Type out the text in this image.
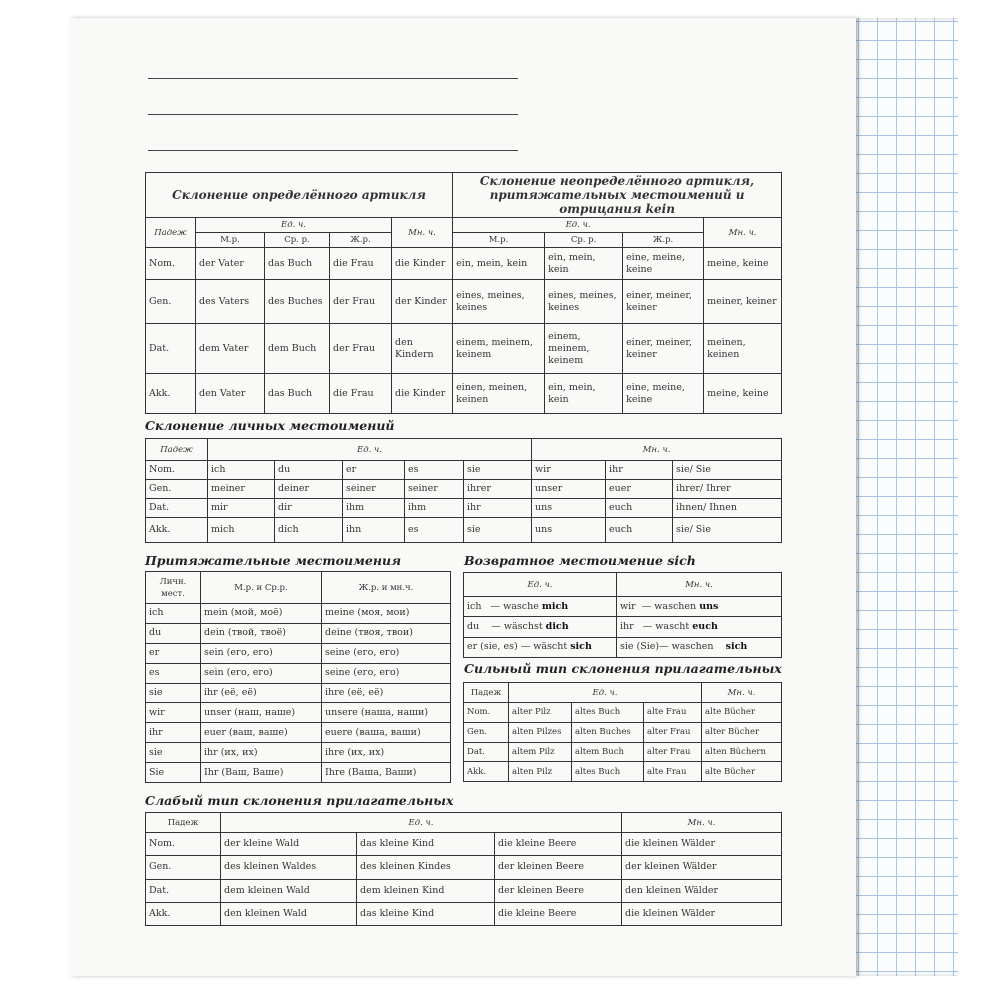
Склонение определённого артикля					Склонение неопределённого артикля, притяжательных местоимений и отрицания kein			
Падеж	Ед. ч.			Мн. ч.	Ед. ч.			Мн. ч.
	М.р.	Ср. р.	Ж.р.		М.р.	Ср. р.	Ж.р.	
Nom.	der Vater	das Buch	die Frau	die Kinder	ein, mein, kein	ein, mein, kein	eine, meine, keine	meine, keine
Gen.	des Vaters	des Buches	der Frau	der Kinder	eines, meines, keines	eines, meines, keines	einer, meiner, keiner	meiner, keiner
Dat.	dem Vater	dem Buch	der Frau	den Kindern	einem, meinem, keinem	einem, meinem, keinem	einer, meiner, keiner	meinen, keinen
Akk.	den Vater	das Buch	die Frau	die Kinder	einen, meinen, keinen	ein, mein, kein	eine, meine, keine	meine, keine
Склонение личных местоимений
Падеж	Ед. ч.					Мн. ч.		
Nom.	ich	du	er	es	sie	wir	ihr	sie/ Sie
Gen.	meiner	deiner	seiner	seiner	ihrer	unser	euer	ihrer/ Ihrer
Dat.	mir	dir	ihm	ihm	ihr	uns	euch	ihnen/ Ihnen
Akk.	mich	dich	ihn	es	sie	uns	euch	sie/ Sie
Притяжательные местоимения
Личн. мест.	М.р. и Ср.р.	Ж.р. и мн.ч.
ich	mein (мой, моё)	meine (моя, мои)
du	dein (твой, твоё)	deine (твоя, твои)
er	sein (его, его)	seine (его, его)
es	sein (его, его)	seine (его, его)
sie	ihr (её, её)	ihre (её, её)
wir	unser (наш, наше)	unsere (наша, наши)
ihr	euer (ваш, ваше)	euere (ваша, ваши)
sie	ihr (их, их)	ihre (их, их)
Sie	Ihr (Ваш, Ваше)	Ihre (Ваша, Ваши)
Возвратное местоимение sich
Ед. ч.	Мн. ч.
ich — wasche mich	wir — waschen uns
du — wäschst dich	ihr — wascht euch
er (sie, es) — wäscht sich	sie (Sie)— waschen sich
Сильный тип склонения прилагательных
Падеж	Ед. ч.			Мн. ч.
Nom.	alter Pilz	altes Buch	alte Frau	alte Bücher
Gen.	alten Pilzes	alten Buches	alter Frau	alter Bücher
Dat.	altem Pilz	altem Buch	alter Frau	alten Büchern
Akk.	alten Pilz	altes Buch	alte Frau	alte Bücher
Слабый тип склонения прилагательных
Падеж	Ед. ч.			Мн. ч.
Nom.	der kleine Wald	das kleine Kind	die kleine Beere	die kleinen Wälder
Gen.	des kleinen Waldes	des kleinen Kindes	der kleinen Beere	der kleinen Wälder
Dat.	dem kleinen Wald	dem kleinen Kind	der kleinen Beere	den kleinen Wälder
Akk.	den kleinen Wald	das kleine Kind	die kleine Beere	die kleinen Wälder
